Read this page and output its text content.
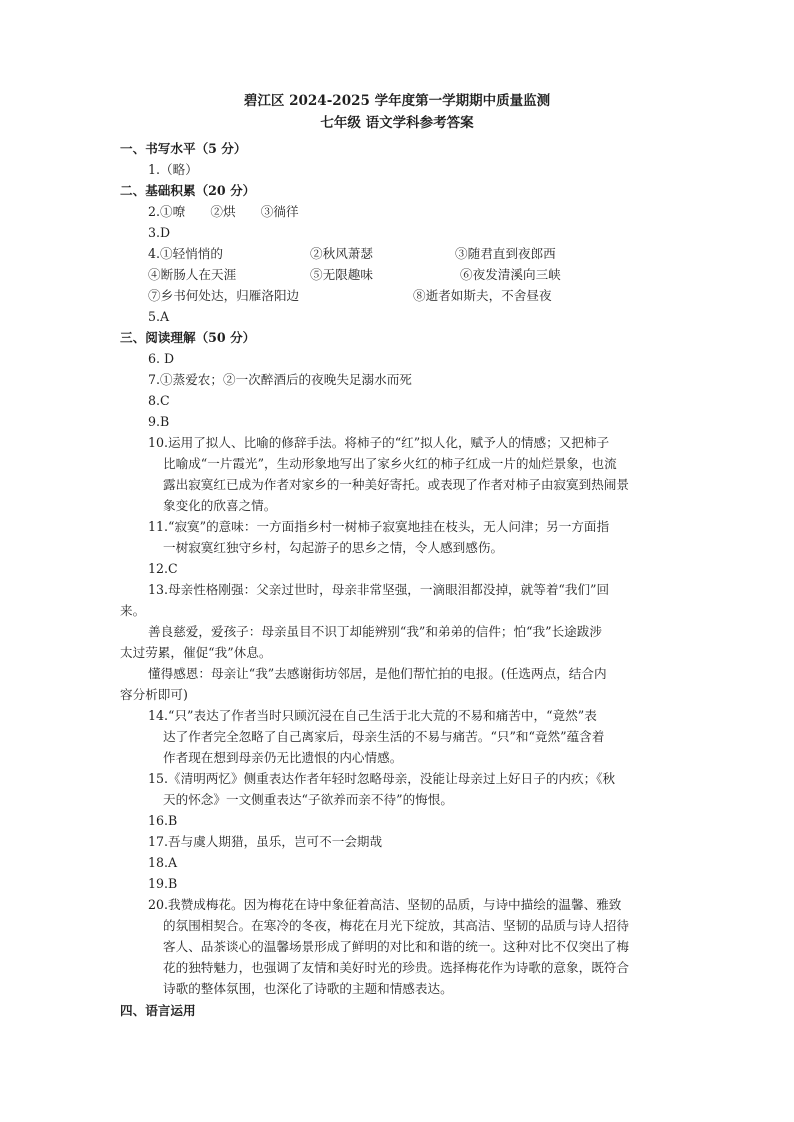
碧江区 2024-2025 学年度第一学期期中质量监测
七年级 语文学科参考答案
一、书写水平（5 分）
1.（略）
二、基础积累（20 分）
2.①嘹　　②烘　　③徜徉
3.D
4.①轻悄悄的	②秋风萧瑟	③随君直到夜郎西
④断肠人在天涯	⑤无限趣味	⑥夜发清溪向三峡
⑦乡书何处达，归雁洛阳边	⑧逝者如斯夫，不舍昼夜
5.A
三、阅读理解（50 分）
6. D
7.①蒸爱农；②一次醉酒后的夜晚失足溺水而死
8.C
9.B
10.运用了拟人、比喻的修辞手法。将柿子的“红”拟人化，赋予人的情感；又把柿子
比喻成“一片霞光”，生动形象地写出了家乡火红的柿子红成一片的灿烂景象，也流
露出寂寞红已成为作者对家乡的一种美好寄托。或表现了作者对柿子由寂寞到热闹景
象变化的欣喜之情。
11.“寂寞”的意味：一方面指乡村一树柿子寂寞地挂在枝头，无人问津；另一方面指
一树寂寞红独守乡村，勾起游子的思乡之情，令人感到感伤。
12.C
13.母亲性格刚强：父亲过世时，母亲非常坚强，一滴眼泪都没掉，就等着“我们”回
来。
善良慈爱，爱孩子：母亲虽目不识丁却能辨别“我”和弟弟的信件；怕“我”长途跋涉
太过劳累，催促“我”休息。
懂得感恩：母亲让“我”去感谢街坊邻居，是他们帮忙拍的电报。(任选两点，结合内
容分析即可)
14.“只”表达了作者当时只顾沉浸在自己生活于北大荒的不易和痛苦中，“竟然”表
达了作者完全忽略了自己离家后，母亲生活的不易与痛苦。“只”和“竟然”蕴含着
作者现在想到母亲仍无比遗恨的内心情感。
15.《清明两忆》侧重表达作者年轻时忽略母亲，没能让母亲过上好日子的内疚；《秋
天的怀念》一文侧重表达“子欲养而亲不待”的悔恨。
16.B
17.吾与虞人期猎，虽乐，岂可不一会期哉
18.A
19.B
20.我赞成梅花。因为梅花在诗中象征着高洁、坚韧的品质，与诗中描绘的温馨、雅致
的氛围相契合。在寒冷的冬夜，梅花在月光下绽放，其高洁、坚韧的品质与诗人招待
客人、品茶谈心的温馨场景形成了鲜明的对比和和谐的统一。这种对比不仅突出了梅
花的独特魅力，也强调了友情和美好时光的珍贵。选择梅花作为诗歌的意象，既符合
诗歌的整体氛围，也深化了诗歌的主题和情感表达。
四、语言运用
